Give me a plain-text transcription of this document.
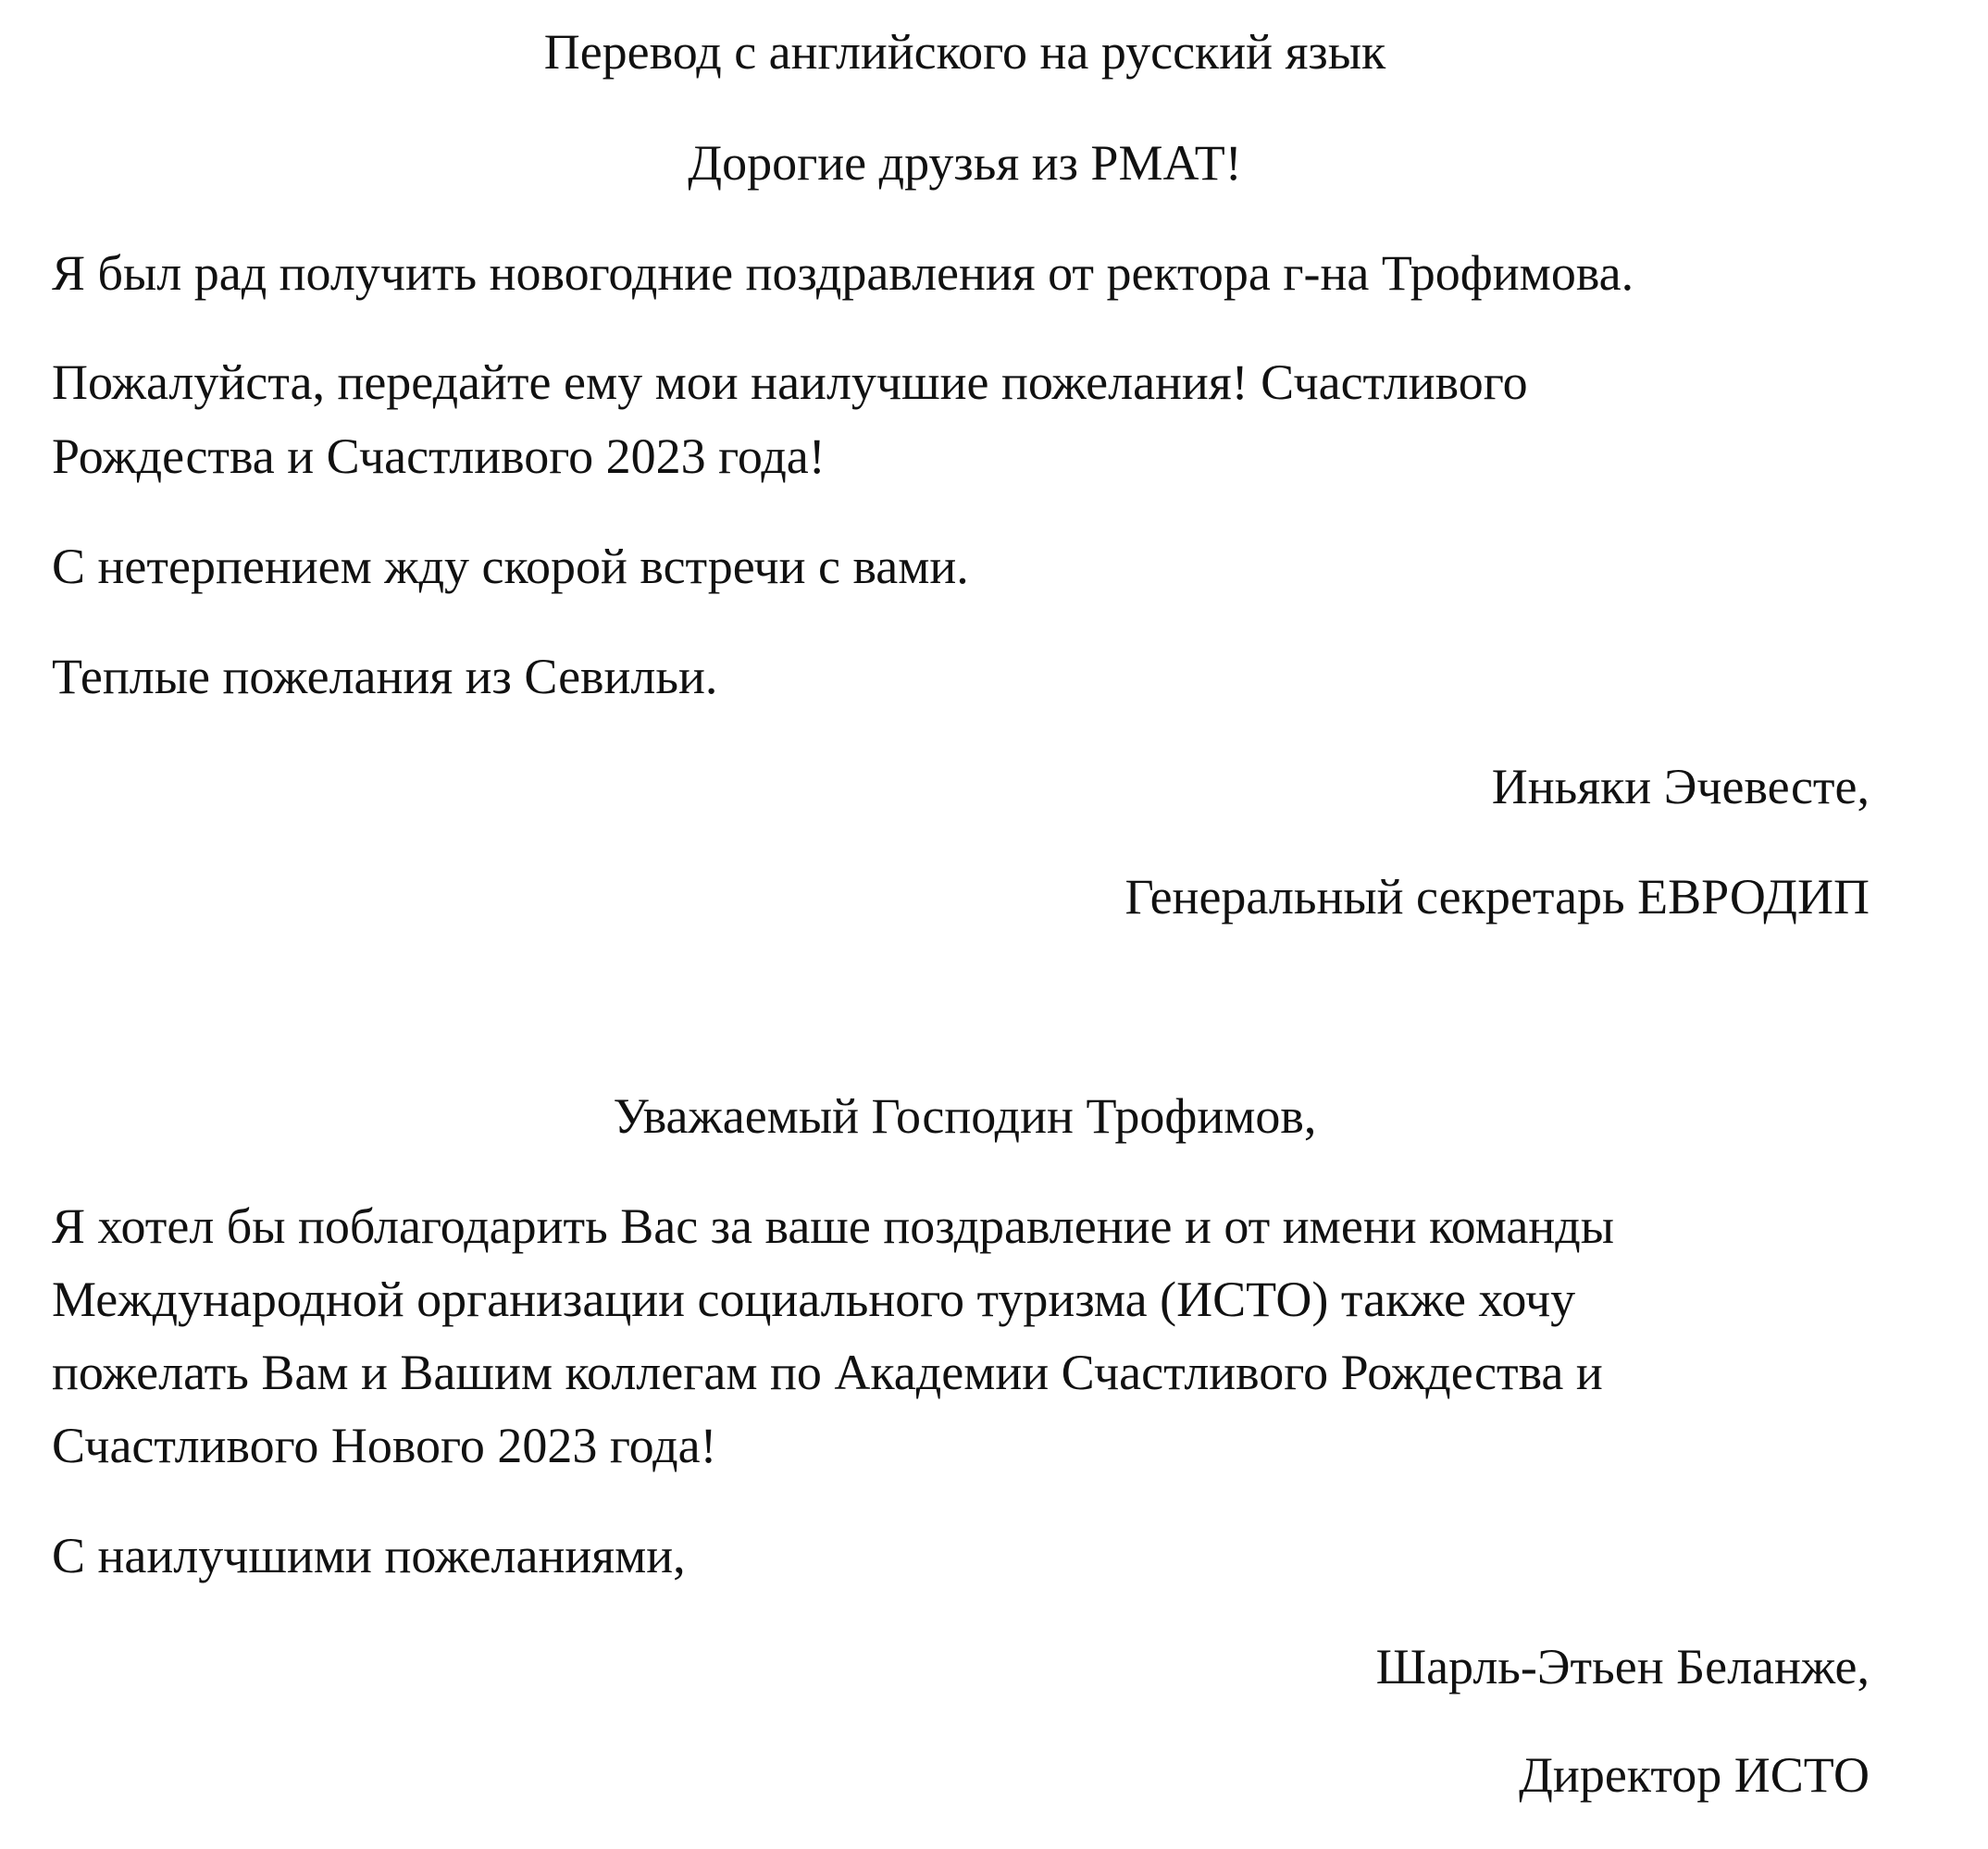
Перевод с английского на русский язык

Дорогие друзья из РМАТ!

Я был рад получить новогодние поздравления от ректора г-на Трофимова.

Пожалуйста, передайте ему мои наилучшие пожелания! Счастливого

Рождества и Счастливого 2023 года!

С нетерпением жду скорой встречи с вами.

Теплые пожелания из Севильи.

Иньяки Эчевесте,

Генеральный секретарь ЕВРОДИП

Уважаемый Господин Трофимов,

Я хотел бы поблагодарить Вас за ваше поздравление и от имени команды

Международной организации социального туризма (ИСТО) также хочу

пожелать Вам и Вашим коллегам по Академии Счастливого Рождества и

Счастливого Нового 2023 года!

С наилучшими пожеланиями,

Шарль-Этьен Беланже,

Директор ИСТО
